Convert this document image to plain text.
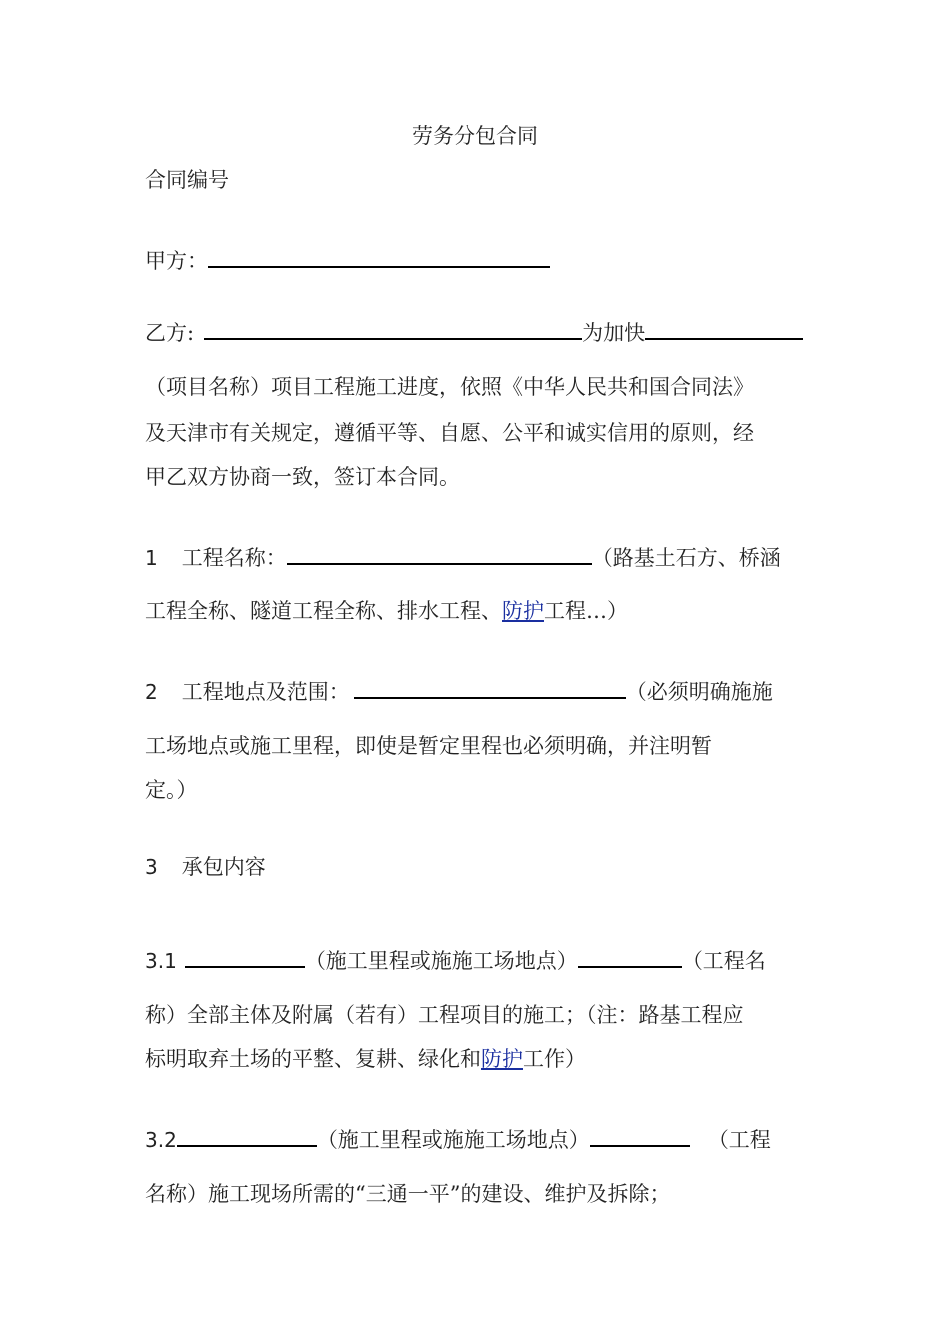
劳务分包合同
合同编号
甲方：
乙方:	为加快
（项目名称）项目工程施工进度，依照《中华人民共和国合同法》
及天津市有关规定，遵循平等、自愿、公平和诚实信用的原则，经
甲乙双方协商一致，签订本合同。
1 工程名称：	（路基土石方、桥涵
工程全称、隧道工程全称、排水工程、防护工程…）
2 工程地点及范围：	（必须明确施施
工场地点或施工里程，即使是暂定里程也必须明确，并注明暂
定。）
3 承包内容
3.1	（施工里程或施施工场地点）	（工程名
称）全部主体及附属（若有）工程项目的施工；（注：路基工程应
标明取弃土场的平整、复耕、绿化和防护工作）
3.2	（施工里程或施施工场地点）	（工程
名称）施工现场所需的“三通一平”的建设、维护及拆除；
